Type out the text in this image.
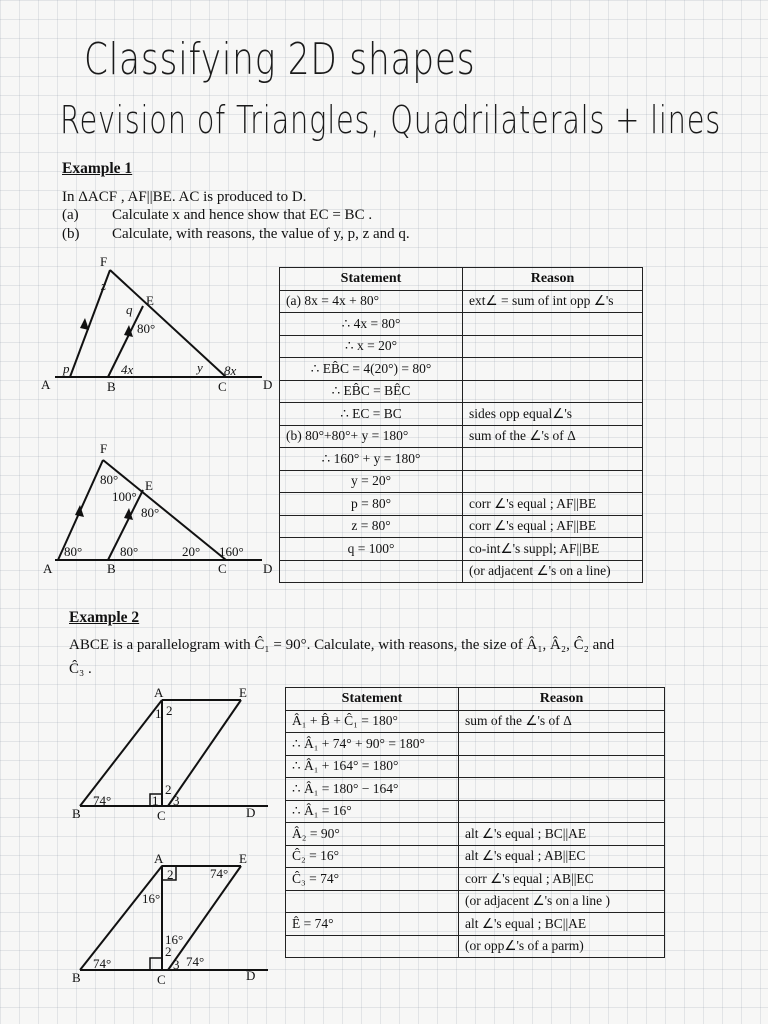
Classifying 2D shapes
Revision of Triangles, Quadrilaterals + lines
Example 1
In ΔACF , AF||BE. AC is produced to D.
(a) Calculate x and hence show that EC = BC .
(b) Calculate, with reasons, the value of y, p, z and q.
F
E
A	B	C	D
z
q
80°
p	4x	y 8x
F
E
A	B	C	D
80°
100°
80°
80°	80°	20° 160°
Statement	Reason
(a) 8x = 4x + 80°	ext∠ = sum of int opp ∠'s
∴ 4x = 80°	
∴ x = 20°	
∴ EB̂C = 4(20°) = 80°	
∴ EB̂C = BÊC	
∴ EC = BC	sides opp equal∠'s
(b) 80°+80°+ y = 180°	sum of the ∠'s of Δ
∴ 160° + y = 180°	
y = 20°	
p = 80°	corr ∠'s equal ; AF||BE
z = 80°	corr ∠'s equal ; AF||BE
q = 100°	co-int∠'s suppl; AF||BE
	(or adjacent ∠'s on a line)
Example 2
ABCE is a parallelogram with Ĉ₁ = 90°. Calculate, with reasons, the size of Â₁, Â₂, Ĉ₂ and
Ĉ₃ .
A	E
B	C	D
74°
1 2
1
2
3
A	E
B	C	D
74°
74°
16°
16°
74°
2
3
2
Statement	Reason
Â₁ + B̂ + Ĉ₁ = 180°	sum of the ∠'s of Δ
∴ Â₁ + 74° + 90° = 180°	
∴ Â₁ + 164° = 180°	
∴ Â₁ = 180° − 164°	
∴ Â₁ = 16°	
Â₂ = 90°	alt ∠'s equal ; BC||AE
Ĉ₂ = 16°	alt ∠'s equal ; AB||EC
Ĉ₃ = 74°	corr ∠'s equal ; AB||EC
	(or adjacent ∠'s on a line )
Ê = 74°	alt ∠'s equal ; BC||AE
	(or opp∠'s of a parm)
